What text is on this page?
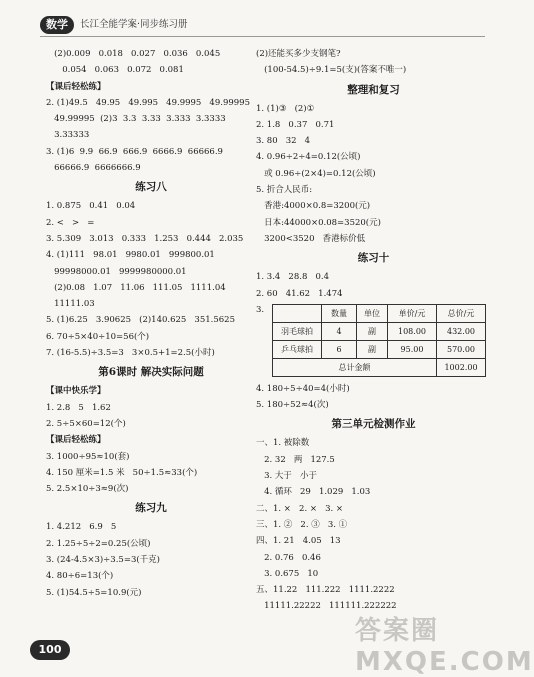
数学	长江全能学案·同步练习册
(2)0.009   0.018   0.027   0.036   0.045
0.054   0.063   0.072   0.081
【课后轻松练】
2. (1)49.5   49.95   49.995   49.9995   49.99995
49.99995  (2)3  3.3  3.33  3.333  3.3333
3.33333
3. (1)6  9.9  66.9  666.9  6666.9  66666.9
66666.9  6666666.9
练习八
1. 0.875   0.41   0.04
2. <   >   =
3. 5.309   3.013   0.333   1.253   0.444   2.035
4. (1)111   98.01   9980.01   999800.01
99998000.01   9999980000.01
(2)0.08   1.07   11.06   111.05   1111.04
11111.03
5. (1)6.25   3.90625   (2)140.625   351.5625
6. 70÷5×40÷10=56(个)
7. (16-5.5)÷3.5=3   3×0.5+1=2.5(小时)
第6课时 解决实际问题
【课中快乐学】
1. 2.8   5   1.62
2. 5÷5×60=12(个)
【课后轻松练】
3. 1000÷95≈10(套)
4. 150 厘米=1.5 米   50÷1.5≈33(个)
5. 2.5×10÷3≈9(次)
练习九
1. 4.212   6.9   5
2. 1.25÷5÷2=0.25(公顷)
3. (24-4.5×3)÷3.5=3(千克)
4. 80÷6=13(个)
5. (1)54.5÷5=10.9(元)
(2)还能买多少支钢笔?
(100-54.5)÷9.1=5(支)(答案不唯一)
整理和复习
1. (1)③   (2)①
2. 1.8   0.37   0.71
3. 80   32   4
4. 0.96÷2÷4=0.12(公顷)
或 0.96÷(2×4)=0.12(公顷)
5. 折合人民币:
香港:4000×0.8=3200(元)
日本:44000×0.08=3520(元)
3200<3520   香港标价低
练习十
1. 3.4   28.8   0.4
2. 60   41.62   1.474
3.
		数量	单位	单价/元	总价/元
羽毛球拍	4	副	108.00	432.00
乒乓球拍	6	副	95.00	570.00
总计金额				1002.00
4. 180÷5÷40=4(小时)
5. 180÷52≈4(次)
第三单元检测作业
一、1. 被除数
2. 32   两   127.5
3. 大于   小于
4. 循环   29   1.029   1.03
二、1. ×   2. ×   3. ×
三、1. ②   2. ③   3. ①
四、1. 21   4.05   13
2. 0.76   0.46
3. 0.675   10
五、11.22   111.222   1111.2222
11111.22222   111111.222222
100
答案圈 MXQE.COM
